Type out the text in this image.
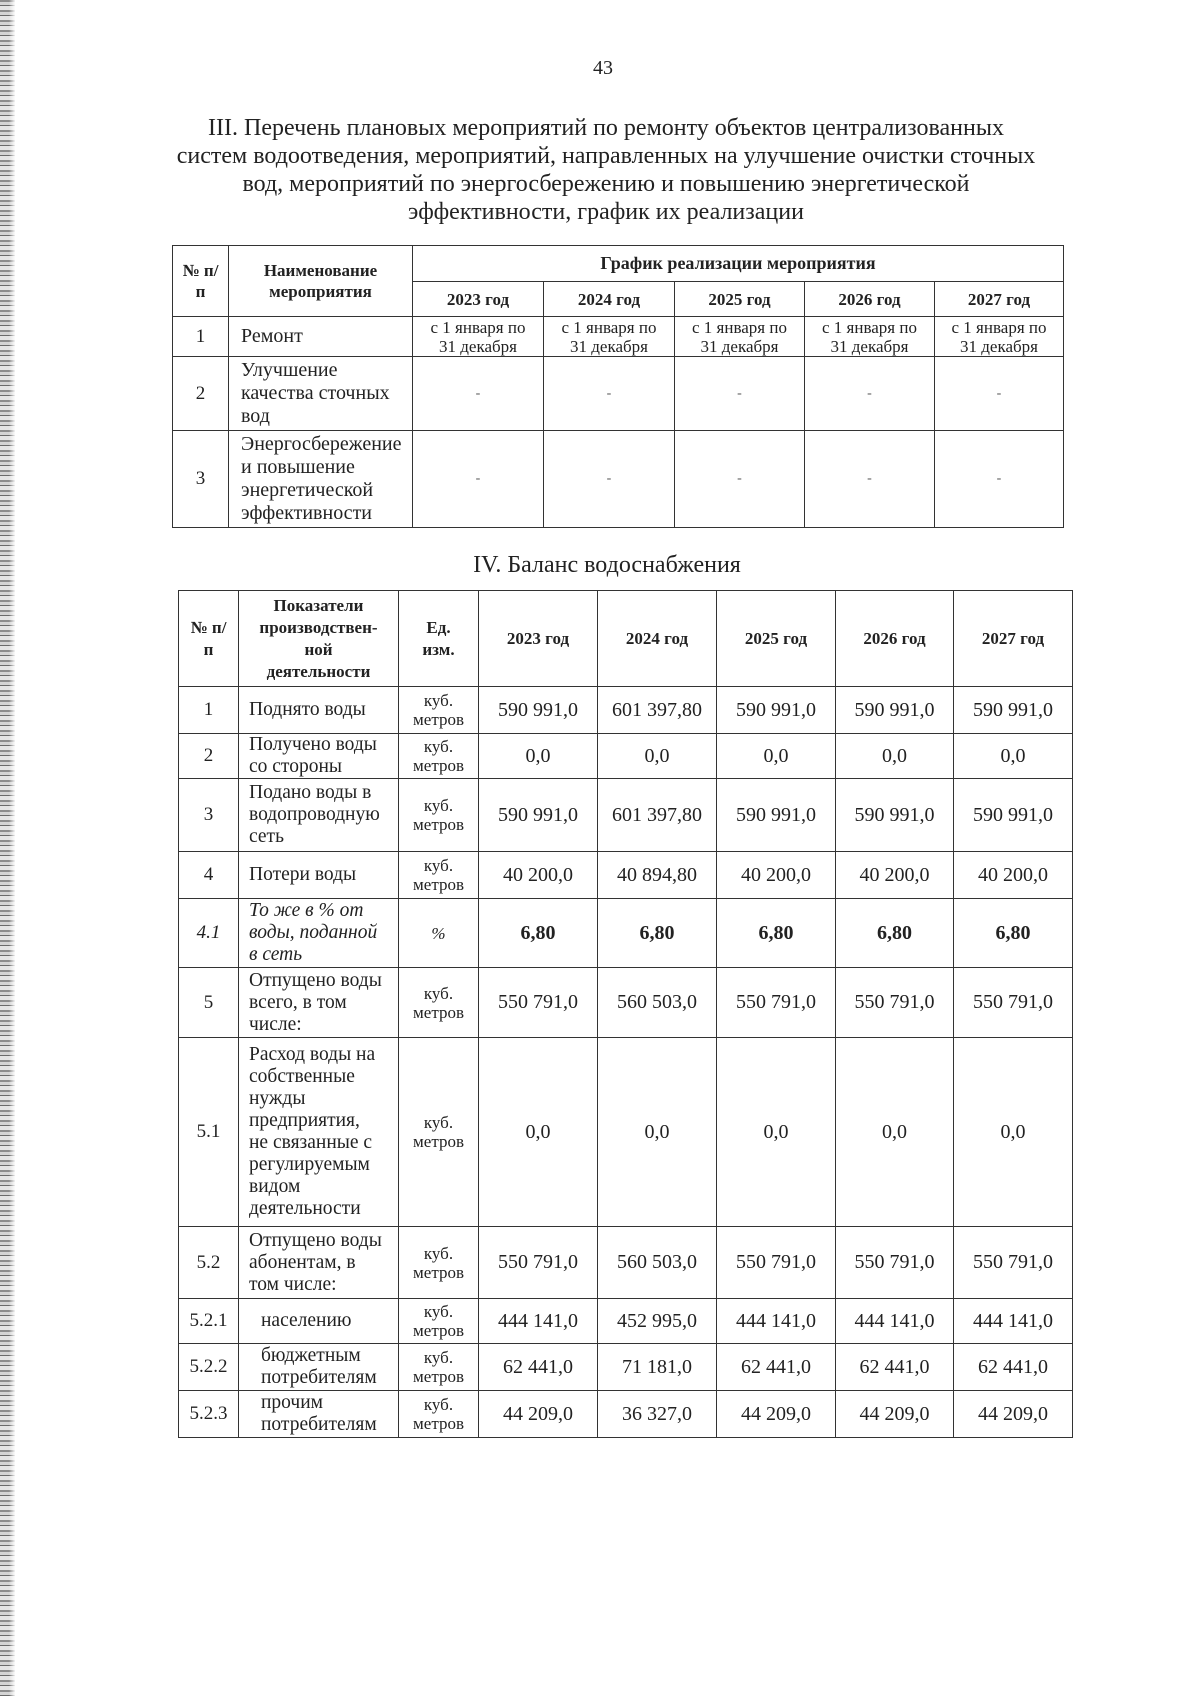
43
III. Перечень плановых мероприятий по ремонту объектов централизованных
систем водоотведения, мероприятий, направленных на улучшение очистки сточных
вод, мероприятий по энергосбережению и повышению энергетической
эффективности, график их реализации
№ п/п	Наименование мероприятия	График реализации мероприятия				
		2023 год	2024 год	2025 год	2026 год	2027 год
1	Ремонт	с 1 января по 31 декабря	с 1 января по 31 декабря	с 1 января по 31 декабря	с 1 января по 31 декабря	с 1 января по 31 декабря
2	Улучшение качества сточных вод	-	-	-	-	-
3	Энергосбережение и повышение энергетической эффективности	-	-	-	-	-
IV. Баланс водоснабжения
№ п/п	Показатели производствен-ной деятельности	Ед. изм.	2023 год	2024 год	2025 год	2026 год	2027 год
1	Поднято воды	куб. метров	590 991,0	601 397,80	590 991,0	590 991,0	590 991,0
2	Получено воды со стороны	куб. метров	0,0	0,0	0,0	0,0	0,0
3	Подано воды в водопроводную сеть	куб. метров	590 991,0	601 397,80	590 991,0	590 991,0	590 991,0
4	Потери воды	куб. метров	40 200,0	40 894,80	40 200,0	40 200,0	40 200,0
4.1	То же в % от воды, поданной в сеть	%	6,80	6,80	6,80	6,80	6,80
5	Отпущено воды всего, в том числе:	куб. метров	550 791,0	560 503,0	550 791,0	550 791,0	550 791,0
5.1	Расход воды на собственные нужды предприятия, не связанные с регулируемым видом деятельности	куб. метров	0,0	0,0	0,0	0,0	0,0
5.2	Отпущено воды абонентам, в том числе:	куб. метров	550 791,0	560 503,0	550 791,0	550 791,0	550 791,0
5.2.1	населению	куб. метров	444 141,0	452 995,0	444 141,0	444 141,0	444 141,0
5.2.2	бюджетным потребителям	куб. метров	62 441,0	71 181,0	62 441,0	62 441,0	62 441,0
5.2.3	прочим потребителям	куб. метров	44 209,0	36 327,0	44 209,0	44 209,0	44 209,0
